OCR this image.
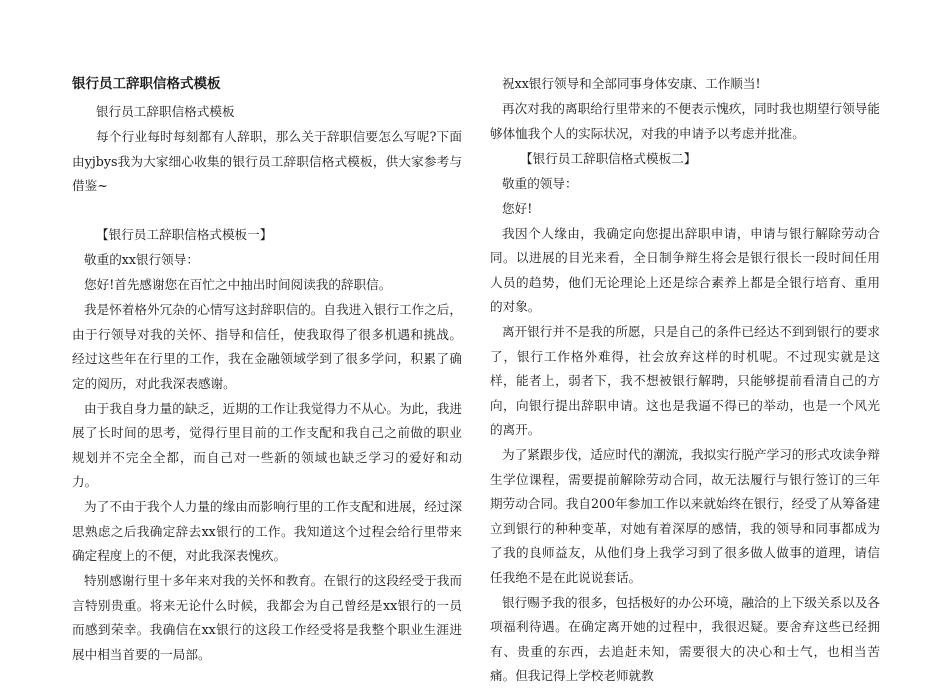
银行员工辞职信格式模板
银行员工辞职信格式模板
每个行业每时每刻都有人辞职，那么关于辞职信要怎么写呢?下面由yjbys我为大家细心收集的银行员工辞职信格式模板，供大家参考与借鉴~
【银行员工辞职信格式模板一】
敬重的xx银行领导：
您好!首先感谢您在百忙之中抽出时间阅读我的辞职信。
我是怀着格外冗杂的心情写这封辞职信的。自我进入银行工作之后，由于行领导对我的关怀、指导和信任，使我取得了很多机遇和挑战。经过这些年在行里的工作，我在金融领域学到了很多学问，积累了确定的阅历，对此我深表感谢。
由于我自身力量的缺乏，近期的工作让我觉得力不从心。为此，我进展了长时间的思考，觉得行里目前的工作支配和我自己之前做的职业规划并不完全全都，而自己对一些新的领域也缺乏学习的爱好和动力。
为了不由于我个人力量的缘由而影响行里的工作支配和进展，经过深思熟虑之后我确定辞去xx银行的工作。我知道这个过程会给行里带来确定程度上的不便，对此我深表愧疚。
特别感谢行里十多年来对我的关怀和教育。在银行的这段经受于我而言特别贵重。将来无论什么时候，我都会为自己曾经是xx银行的一员而感到荣幸。我确信在xx银行的这段工作经受将是我整个职业生涯进展中相当首要的一局部。
祝xx银行领导和全部同事身体安康、工作顺当!
再次对我的离职给行里带来的不便表示愧疚，同时我也期望行领导能够体恤我个人的实际状况，对我的申请予以考虑并批准。
【银行员工辞职信格式模板二】
敬重的领导：
您好!
我因个人缘由，我确定向您提出辞职申请，申请与银行解除劳动合同。以进展的目光来看，全日制争辩生将会是银行很长一段时间任用人员的趋势，他们无论理论上还是综合素养上都是全银行培育、重用的对象。
离开银行并不是我的所愿，只是自己的条件已经达不到到银行的要求了，银行工作格外难得，社会放弃这样的时机呢。不过现实就是这样，能者上，弱者下，我不想被银行解聘，只能够提前看清自己的方向，向银行提出辞职申请。这也是我逼不得已的举动，也是一个风光的离开。
为了紧跟步伐，适应时代的潮流，我拟实行脱产学习的形式攻读争辩生学位课程，需要提前解除劳动合同，故无法履行与银行签订的三年期劳动合同。我自200年参加工作以来就始终在银行，经受了从筹备建立到银行的种种变革，对她有着深厚的感情，我的领导和同事都成为了我的良师益友，从他们身上我学习到了很多做人做事的道理，请信任我绝不是在此说说套话。
银行赐予我的很多，包括极好的办公环境，融洽的上下级关系以及各项福利待遇。在确定离开她的过程中，我很迟疑。要舍弃这些已经拥有、贵重的东西，去追赶未知，需要很大的决心和士气，也相当苦痛。但我记得上学校老师就教
